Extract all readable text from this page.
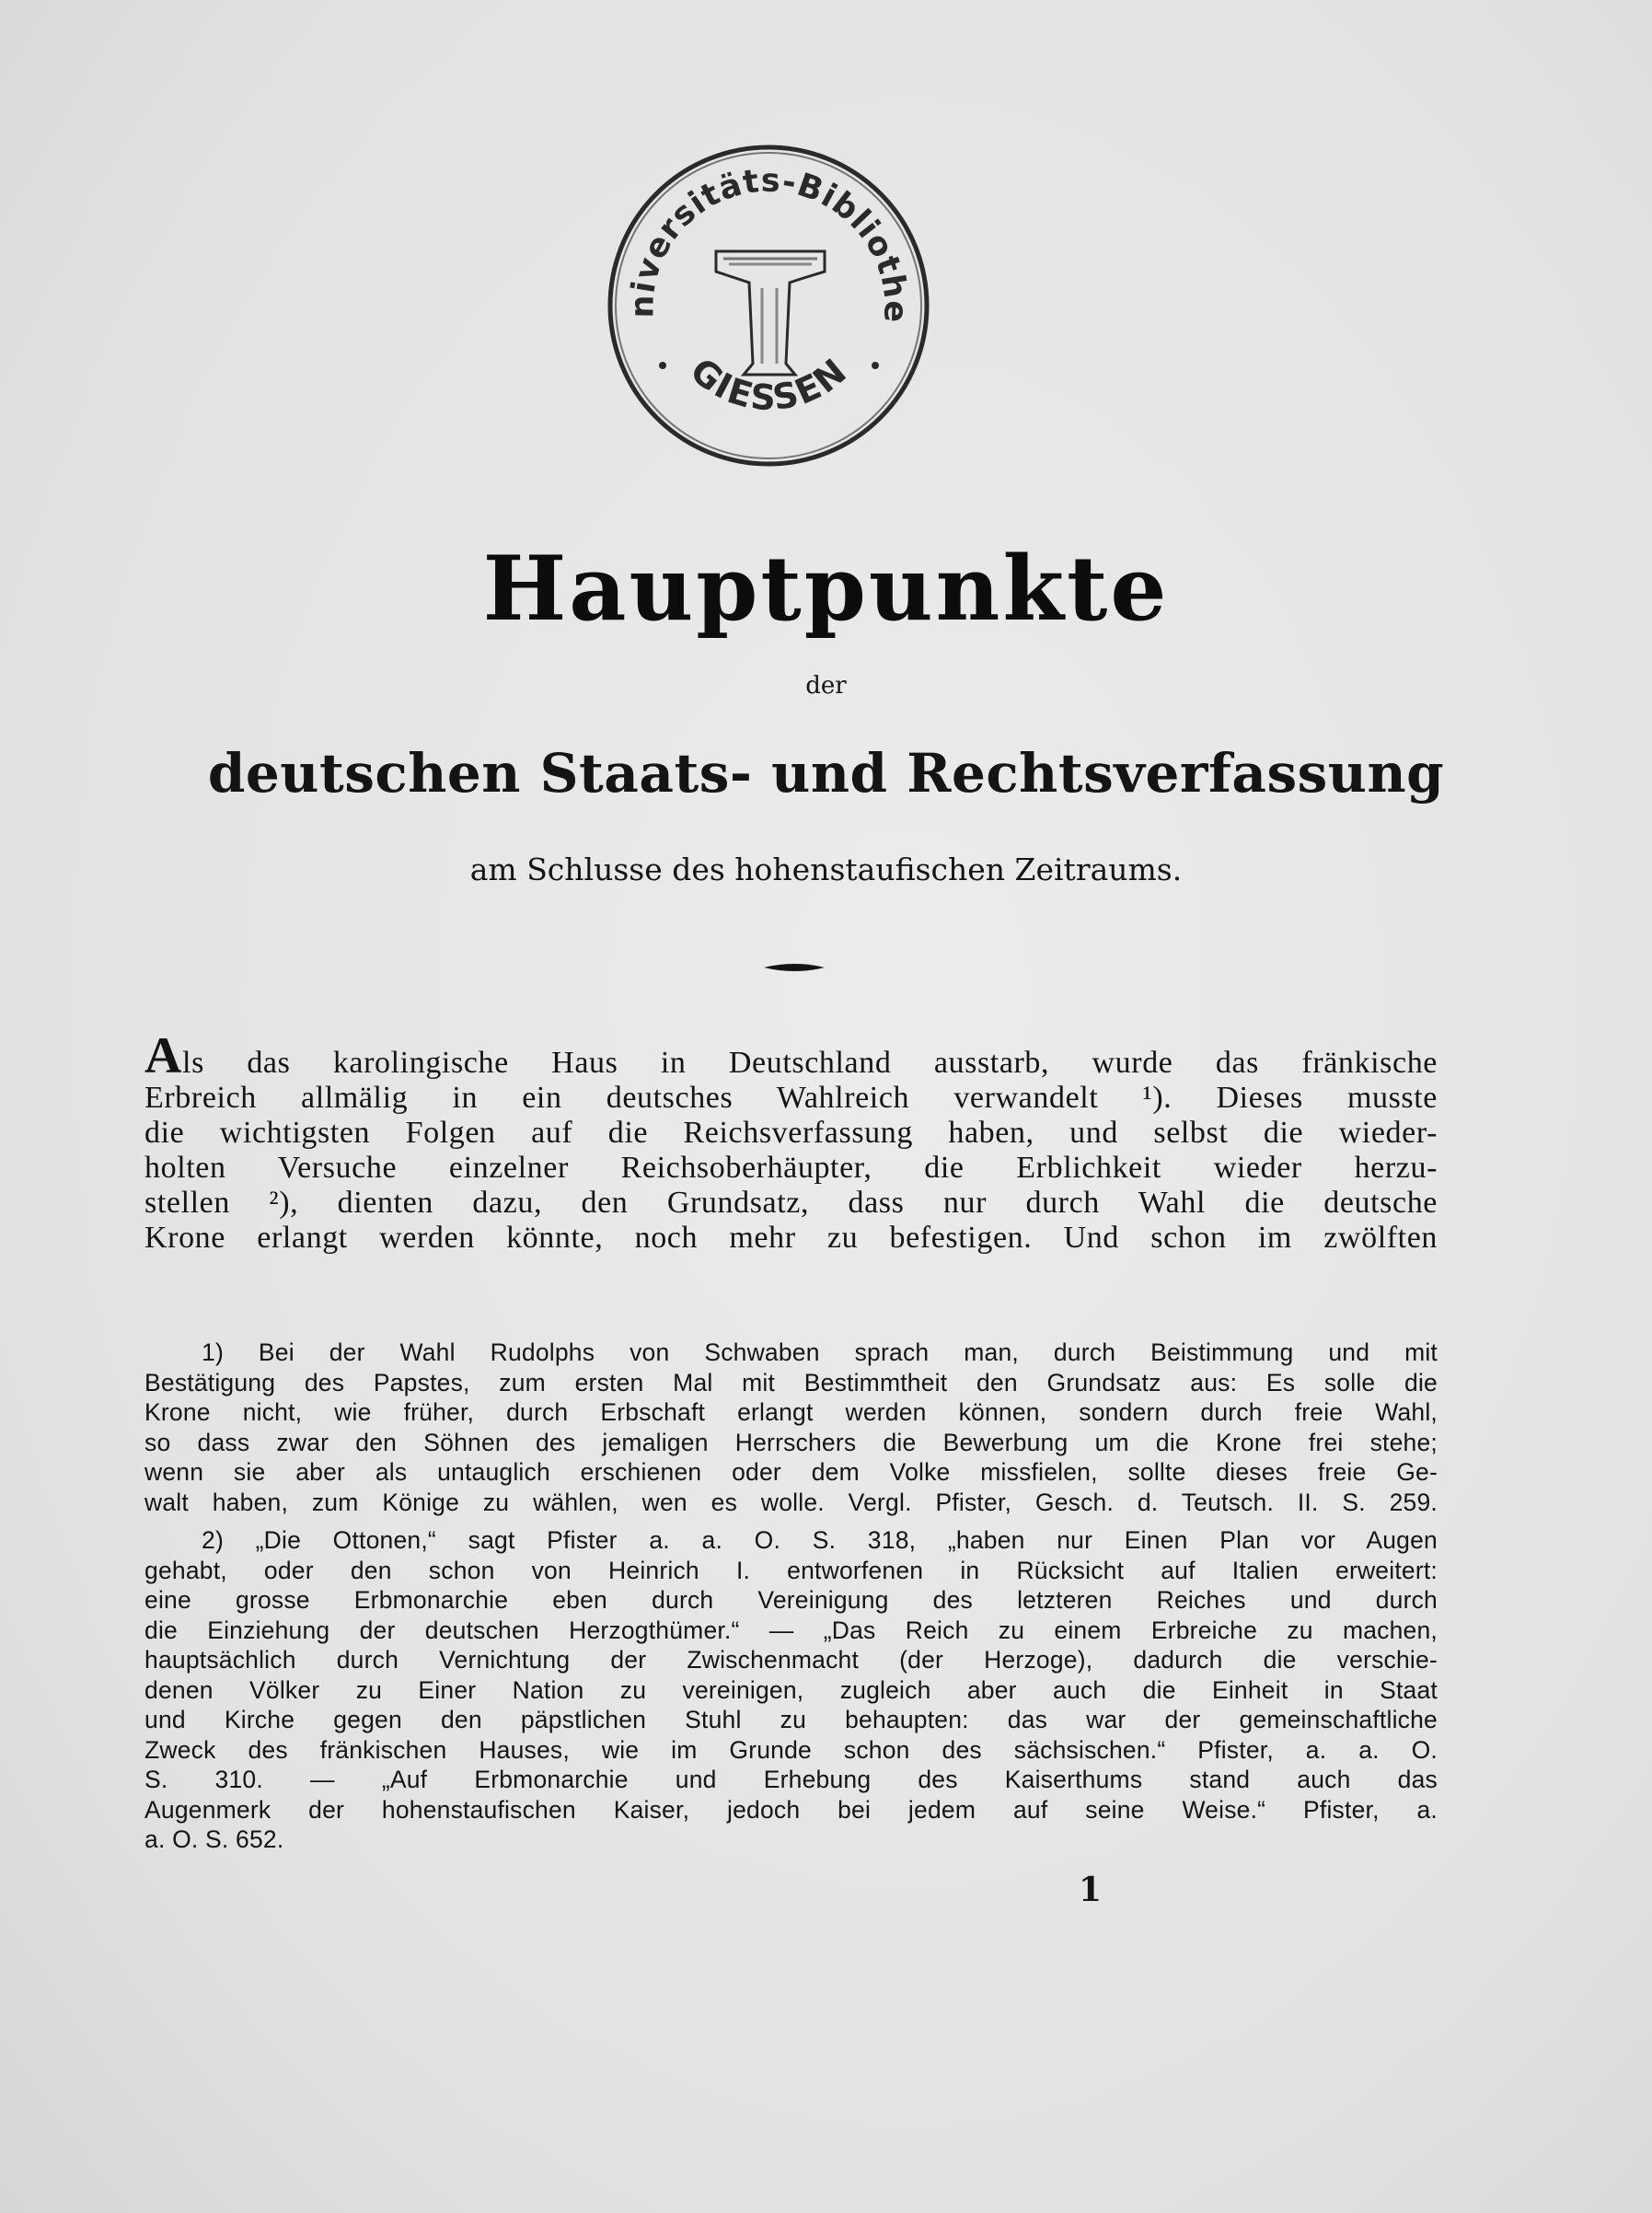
niversitäts-Bibliothe
GIESSEN
Hauptpunkte
der
deutschen Staats- und Rechtsverfassung
am Schlusse des hohenstaufischen Zeitraums.
Als das karolingische Haus in Deutschland ausstarb, wurde das fränkische
Erbreich allmälig in ein deutsches Wahlreich verwandelt ¹). Dieses musste
die wichtigsten Folgen auf die Reichsverfassung haben, und selbst die wieder-
holten Versuche einzelner Reichsoberhäupter, die Erblichkeit wieder herzu-
stellen ²), dienten dazu, den Grundsatz, dass nur durch Wahl die deutsche
Krone erlangt werden könnte, noch mehr zu befestigen. Und schon im zwölften
1) Bei der Wahl Rudolphs von Schwaben sprach man, durch Beistimmung und mit
Bestätigung des Papstes, zum ersten Mal mit Bestimmtheit den Grundsatz aus: Es solle die
Krone nicht, wie früher, durch Erbschaft erlangt werden können, sondern durch freie Wahl,
so dass zwar den Söhnen des jemaligen Herrschers die Bewerbung um die Krone frei stehe;
wenn sie aber als untauglich erschienen oder dem Volke missfielen, sollte dieses freie Ge-
walt haben, zum Könige zu wählen, wen es wolle. Vergl. Pfister, Gesch. d. Teutsch. II. S. 259.
2) „Die Ottonen,“ sagt Pfister a. a. O. S. 318, „haben nur Einen Plan vor Augen
gehabt, oder den schon von Heinrich I. entworfenen in Rücksicht auf Italien erweitert:
eine grosse Erbmonarchie eben durch Vereinigung des letzteren Reiches und durch
die Einziehung der deutschen Herzogthümer.“ — „Das Reich zu einem Erbreiche zu machen,
hauptsächlich durch Vernichtung der Zwischenmacht (der Herzoge), dadurch die verschie-
denen Völker zu Einer Nation zu vereinigen, zugleich aber auch die Einheit in Staat
und Kirche gegen den päpstlichen Stuhl zu behaupten: das war der gemeinschaftliche
Zweck des fränkischen Hauses, wie im Grunde schon des sächsischen.“ Pfister, a. a. O.
S. 310. — „Auf Erbmonarchie und Erhebung des Kaiserthums stand auch das
Augenmerk der hohenstaufischen Kaiser, jedoch bei jedem auf seine Weise.“ Pfister, a.
a. O. S. 652.
1
